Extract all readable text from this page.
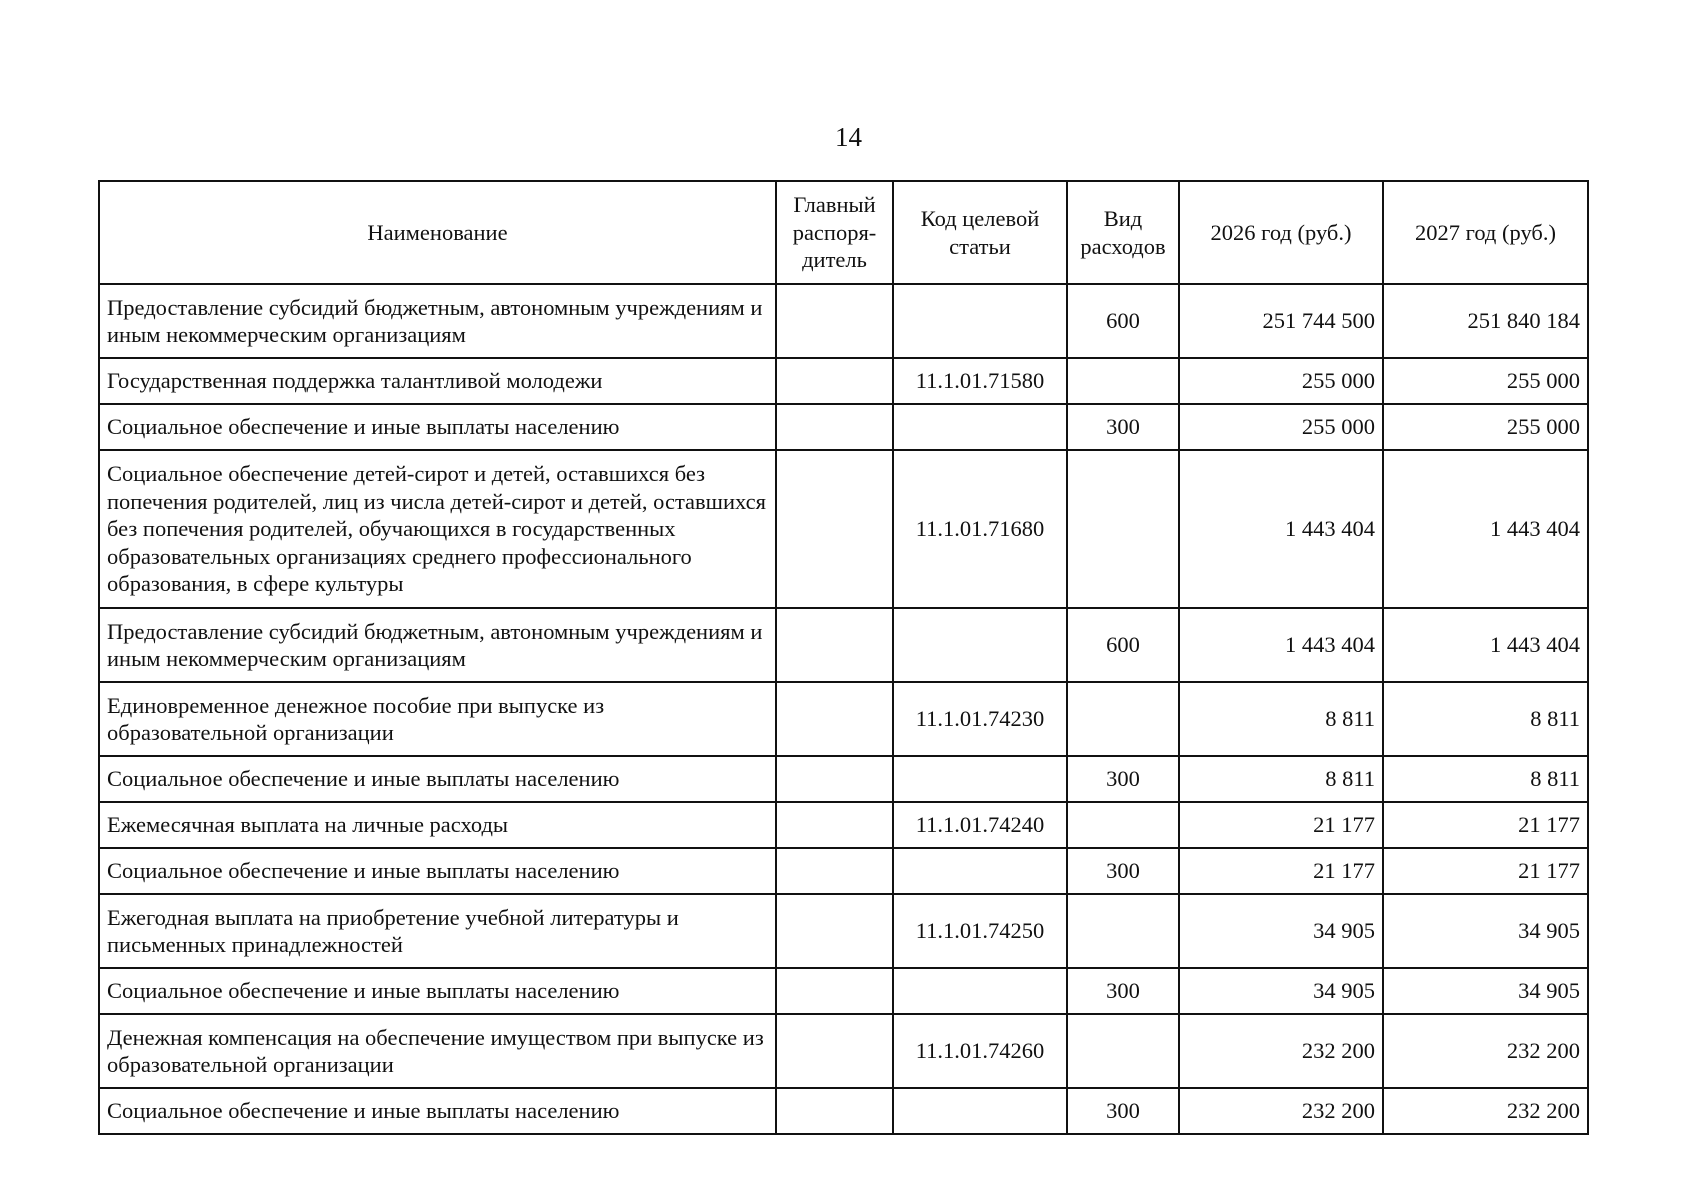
14
Наименование	Главный распоря-дитель	Код целевой статьи	Вид расходов	2026 год (руб.)	2027 год (руб.)
Предоставление субсидий бюджетным, автономным учреждениям и иным некоммерческим организациям			600	251 744 500	251 840 184
Государственная поддержка талантливой молодежи		11.1.01.71580		255 000	255 000
Социальное обеспечение и иные выплаты населению			300	255 000	255 000
Социальное обеспечение детей-сирот и детей, оставшихся без попечения родителей, лиц из числа детей-сирот и детей, оставшихся без попечения родителей, обучающихся в государственных образовательных организациях среднего профессионального образования, в сфере культуры		11.1.01.71680		1 443 404	1 443 404
Предоставление субсидий бюджетным, автономным учреждениям и иным некоммерческим организациям			600	1 443 404	1 443 404
Единовременное денежное пособие при выпуске из образовательной организации		11.1.01.74230		8 811	8 811
Социальное обеспечение и иные выплаты населению			300	8 811	8 811
Ежемесячная выплата на личные расходы		11.1.01.74240		21 177	21 177
Социальное обеспечение и иные выплаты населению			300	21 177	21 177
Ежегодная выплата на приобретение учебной литературы и письменных принадлежностей		11.1.01.74250		34 905	34 905
Социальное обеспечение и иные выплаты населению			300	34 905	34 905
Денежная компенсация на обеспечение имуществом при выпуске из образовательной организации		11.1.01.74260		232 200	232 200
Социальное обеспечение и иные выплаты населению			300	232 200	232 200
